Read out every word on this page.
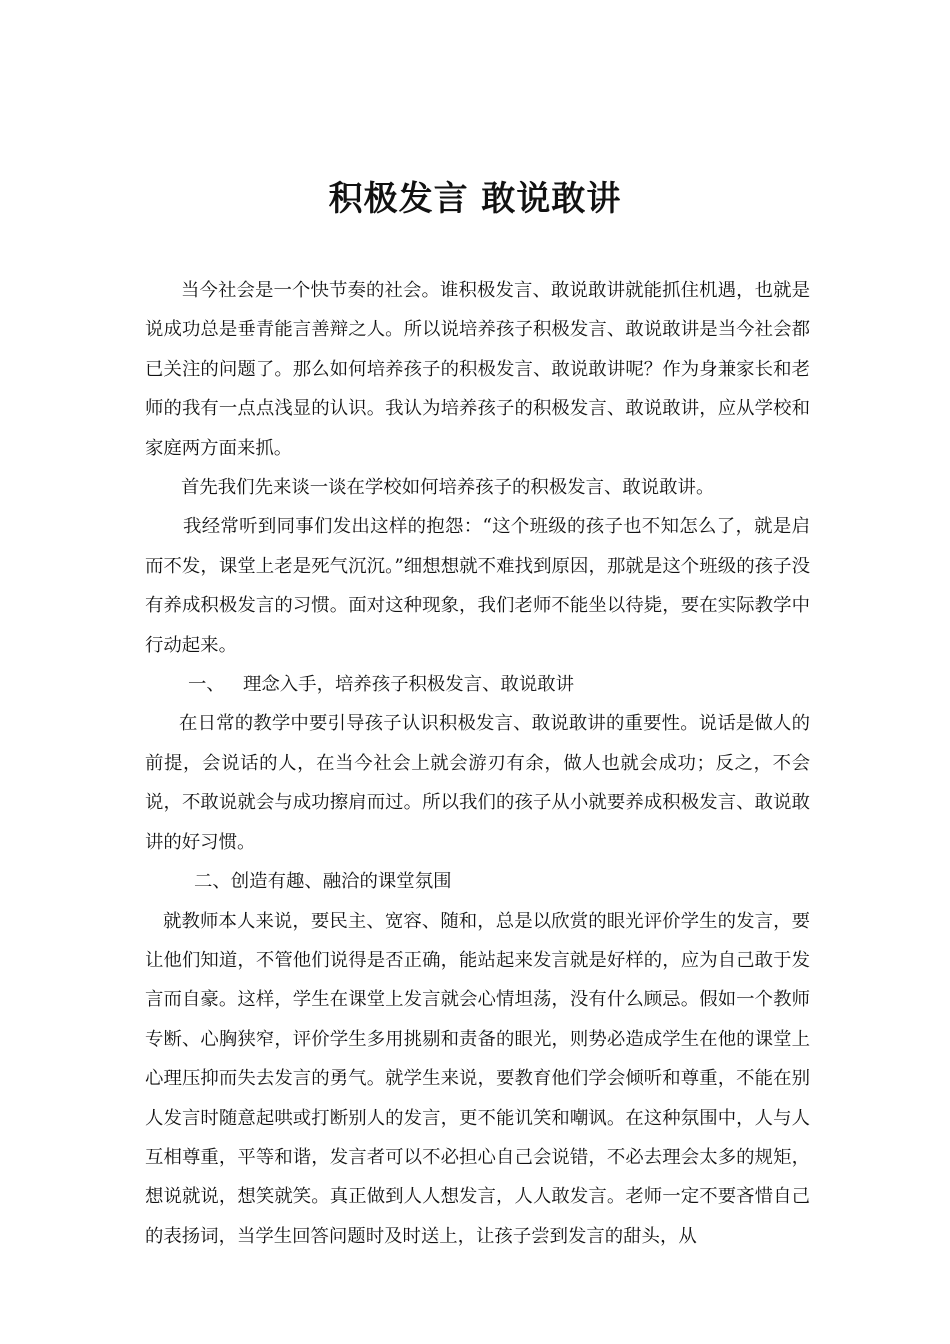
积极发言 敢说敢讲

当今社会是一个快节奏的社会。谁积极发言、敢说敢讲就能抓住机遇，也就是说成功总是垂青能言善辩之人。所以说培养孩子积极发言、敢说敢讲是当今社会都已关注的问题了。那么如何培养孩子的积极发言、敢说敢讲呢？作为身兼家长和老师的我有一点点浅显的认识。我认为培养孩子的积极发言、敢说敢讲，应从学校和家庭两方面来抓。

首先我们先来谈一谈在学校如何培养孩子的积极发言、敢说敢讲。

我经常听到同事们发出这样的抱怨：“这个班级的孩子也不知怎么了，就是启而不发，课堂上老是死气沉沉。”细想想就不难找到原因，那就是这个班级的孩子没有养成积极发言的习惯。面对这种现象，我们老师不能坐以待毙，要在实际教学中行动起来。

一、 理念入手，培养孩子积极发言、敢说敢讲

在日常的教学中要引导孩子认识积极发言、敢说敢讲的重要性。说话是做人的前提，会说话的人，在当今社会上就会游刃有余，做人也就会成功；反之，不会说，不敢说就会与成功擦肩而过。所以我们的孩子从小就要养成积极发言、敢说敢讲的好习惯。

二、创造有趣、融洽的课堂氛围

就教师本人来说，要民主、宽容、随和，总是以欣赏的眼光评价学生的发言，要让他们知道，不管他们说得是否正确，能站起来发言就是好样的，应为自己敢于发言而自豪。这样，学生在课堂上发言就会心情坦荡，没有什么顾忌。假如一个教师专断、心胸狭窄，评价学生多用挑剔和责备的眼光，则势必造成学生在他的课堂上心理压抑而失去发言的勇气。就学生来说，要教育他们学会倾听和尊重，不能在别人发言时随意起哄或打断别人的发言，更不能讥笑和嘲讽。在这种氛围中，人与人互相尊重，平等和谐，发言者可以不必担心自己会说错，不必去理会太多的规矩，想说就说，想笑就笑。真正做到人人想发言，人人敢发言。老师一定不要吝惜自己的表扬词，当学生回答问题时及时送上，让孩子尝到发言的甜头，从
